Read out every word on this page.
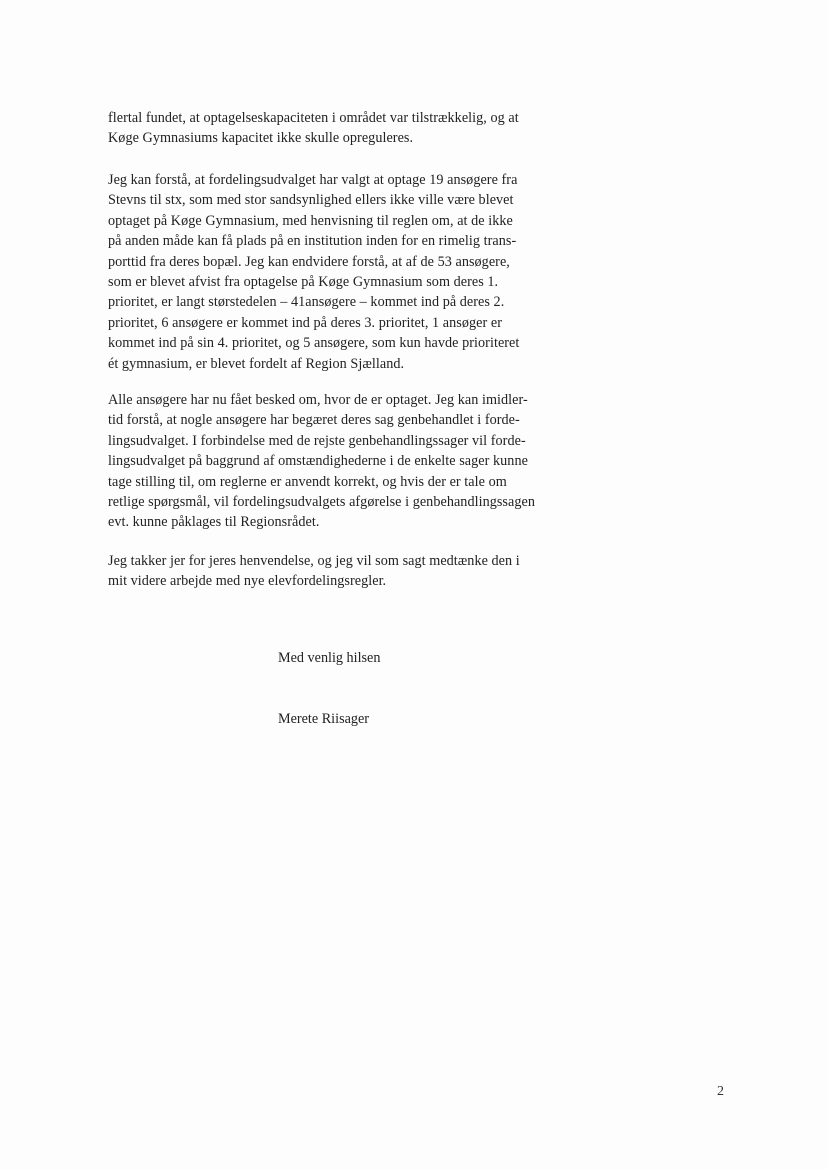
flertal fundet, at optagelseskapaciteten i området var tilstrækkelig, og at
Køge Gymnasiums kapacitet ikke skulle opreguleres.

Jeg kan forstå, at fordelingsudvalget har valgt at optage 19 ansøgere fra
Stevns til stx, som med stor sandsynlighed ellers ikke ville være blevet
optaget på Køge Gymnasium, med henvisning til reglen om, at de ikke
på anden måde kan få plads på en institution inden for en rimelig trans-
porttid fra deres bopæl. Jeg kan endvidere forstå, at af de 53 ansøgere,
som er blevet afvist fra optagelse på Køge Gymnasium som deres 1.
prioritet, er langt størstedelen – 41ansøgere – kommet ind på deres 2.
prioritet, 6 ansøgere er kommet ind på deres 3. prioritet, 1 ansøger er
kommet ind på sin 4. prioritet, og 5 ansøgere, som kun havde prioriteret
ét gymnasium, er blevet fordelt af Region Sjælland.

Alle ansøgere har nu fået besked om, hvor de er optaget. Jeg kan imidler-
tid forstå, at nogle ansøgere har begæret deres sag genbehandlet i forde-
lingsudvalget. I forbindelse med de rejste genbehandlingssager vil forde-
lingsudvalget på baggrund af omstændighederne i de enkelte sager kunne
tage stilling til, om reglerne er anvendt korrekt, og hvis der er tale om
retlige spørgsmål, vil fordelingsudvalgets afgørelse i genbehandlingssagen
evt. kunne påklages til Regionsrådet.

Jeg takker jer for jeres henvendelse, og jeg vil som sagt medtænke den i
mit videre arbejde med nye elevfordelingsregler.

Med venlig hilsen

Merete Riisager

2
